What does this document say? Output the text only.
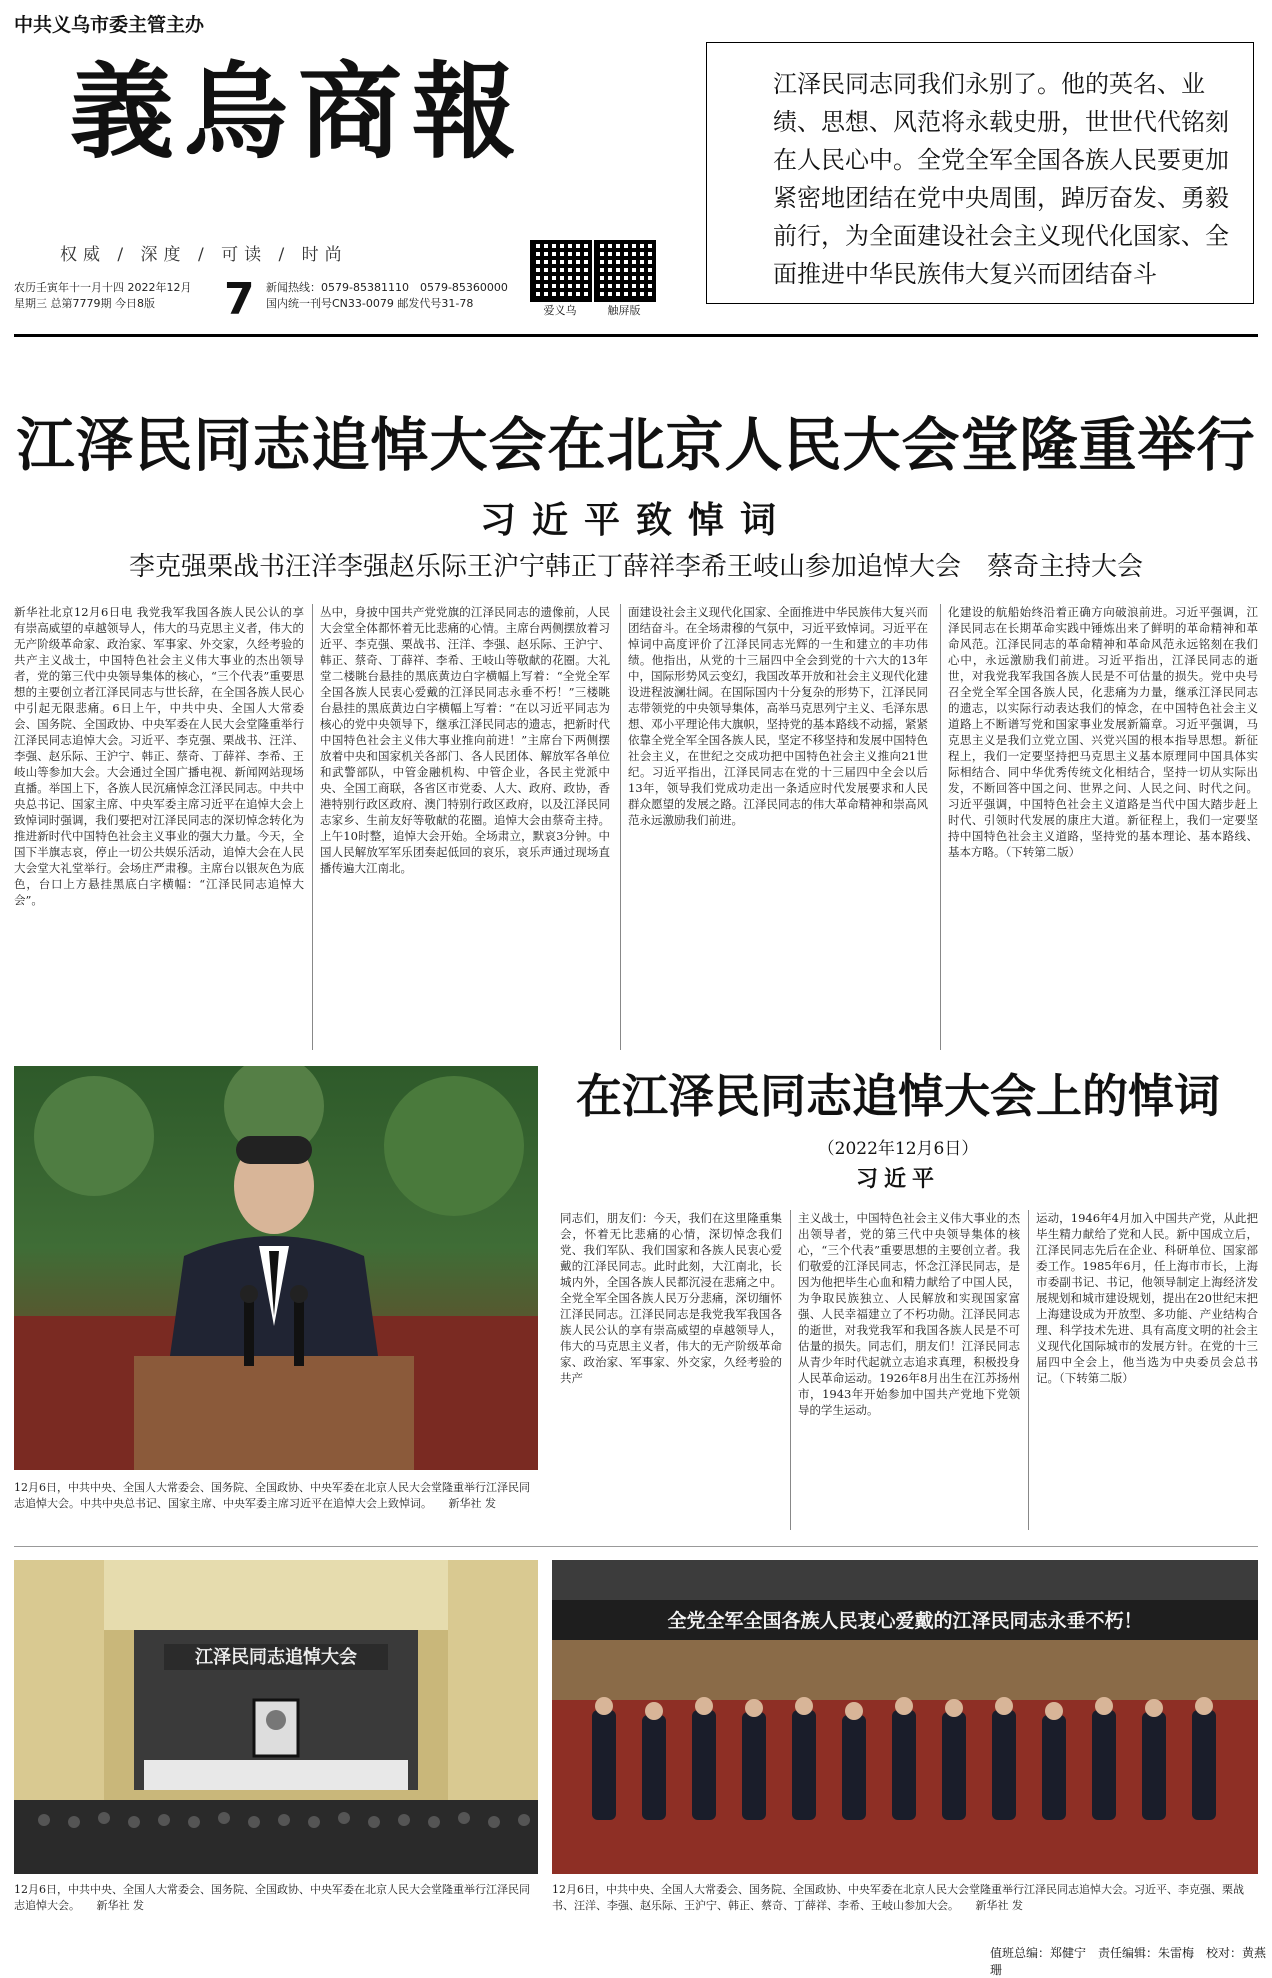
中共义乌市委主管主办
義烏商報
权威 / 深度 / 可读 / 时尚
农历壬寅年十一月十四 2022年12月
星期三 总第7779期 今日8版	7 新闻热线：0579-85381110　0579-85360000
国内统一刊号CN33-0079 邮发代号31-78
爱义乌	触屏版
江泽民同志同我们永别了。他的英名、业绩、思想、风范将永载史册，世世代代铭刻在人民心中。全党全军全国各族人民要更加紧密地团结在党中央周围，踔厉奋发、勇毅前行，为全面建设社会主义现代化国家、全面推进中华民族伟大复兴而团结奋斗
江泽民同志追悼大会在北京人民大会堂隆重举行
习近平致悼词
李克强栗战书汪洋李强赵乐际王沪宁韩正丁薛祥李希王岐山参加追悼大会　蔡奇主持大会
新华社北京12月6日电 我党我军我国各族人民公认的享有崇高威望的卓越领导人，伟大的马克思主义者，伟大的无产阶级革命家、政治家、军事家、外交家，久经考验的共产主义战士，中国特色社会主义伟大事业的杰出领导者，党的第三代中央领导集体的核心，“三个代表”重要思想的主要创立者江泽民同志与世长辞，在全国各族人民心中引起无限悲痛。6日上午，中共中央、全国人大常委会、国务院、全国政协、中央军委在人民大会堂隆重举行江泽民同志追悼大会。习近平、李克强、栗战书、汪洋、李强、赵乐际、王沪宁、韩正、蔡奇、丁薛祥、李希、王岐山等参加大会。大会通过全国广播电视、新闻网站现场直播。举国上下，各族人民沉痛悼念江泽民同志。中共中央总书记、国家主席、中央军委主席习近平在追悼大会上致悼词时强调，我们要把对江泽民同志的深切悼念转化为推进新时代中国特色社会主义事业的强大力量。今天，全国下半旗志哀，停止一切公共娱乐活动，追悼大会在人民大会堂大礼堂举行。会场庄严肃穆。主席台以银灰色为底色，台口上方悬挂黑底白字横幅：“江泽民同志追悼大会”。
丛中，身披中国共产党党旗的江泽民同志的遗像前，人民大会堂全体都怀着无比悲痛的心情。主席台两侧摆放着习近平、李克强、栗战书、汪洋、李强、赵乐际、王沪宁、韩正、蔡奇、丁薛祥、李希、王岐山等敬献的花圈。大礼堂二楼眺台悬挂的黑底黄边白字横幅上写着：“全党全军全国各族人民衷心爱戴的江泽民同志永垂不朽！”三楼眺台悬挂的黑底黄边白字横幅上写着：“在以习近平同志为核心的党中央领导下，继承江泽民同志的遗志，把新时代中国特色社会主义伟大事业推向前进！”主席台下两侧摆放着中央和国家机关各部门、各人民团体、解放军各单位和武警部队，中管金融机构、中管企业，各民主党派中央、全国工商联，各省区市党委、人大、政府、政协，香港特别行政区政府、澳门特别行政区政府，以及江泽民同志家乡、生前友好等敬献的花圈。追悼大会由蔡奇主持。上午10时整，追悼大会开始。全场肃立，默哀3分钟。中国人民解放军军乐团奏起低回的哀乐，哀乐声通过现场直播传遍大江南北。
面建设社会主义现代化国家、全面推进中华民族伟大复兴而团结奋斗。在全场肃穆的气氛中，习近平致悼词。习近平在悼词中高度评价了江泽民同志光辉的一生和建立的丰功伟绩。他指出，从党的十三届四中全会到党的十六大的13年中，国际形势风云变幻，我国改革开放和社会主义现代化建设进程波澜壮阔。在国际国内十分复杂的形势下，江泽民同志带领党的中央领导集体，高举马克思列宁主义、毛泽东思想、邓小平理论伟大旗帜，坚持党的基本路线不动摇，紧紧依靠全党全军全国各族人民，坚定不移坚持和发展中国特色社会主义，在世纪之交成功把中国特色社会主义推向21世纪。习近平指出，江泽民同志在党的十三届四中全会以后13年，领导我们党成功走出一条适应时代发展要求和人民群众愿望的发展之路。江泽民同志的伟大革命精神和崇高风范永远激励我们前进。
化建设的航船始终沿着正确方向破浪前进。习近平强调，江泽民同志在长期革命实践中锤炼出来了鲜明的革命精神和革命风范。江泽民同志的革命精神和革命风范永远铭刻在我们心中，永远激励我们前进。习近平指出，江泽民同志的逝世，对我党我军我国各族人民是不可估量的损失。党中央号召全党全军全国各族人民，化悲痛为力量，继承江泽民同志的遗志，以实际行动表达我们的悼念，在中国特色社会主义道路上不断谱写党和国家事业发展新篇章。习近平强调，马克思主义是我们立党立国、兴党兴国的根本指导思想。新征程上，我们一定要坚持把马克思主义基本原理同中国具体实际相结合、同中华优秀传统文化相结合，坚持一切从实际出发，不断回答中国之问、世界之问、人民之问、时代之问。习近平强调，中国特色社会主义道路是当代中国大踏步赶上时代、引领时代发展的康庄大道。新征程上，我们一定要坚持中国特色社会主义道路，坚持党的基本理论、基本路线、基本方略。（下转第二版）
12月6日，中共中央、全国人大常委会、国务院、全国政协、中央军委在北京人民大会堂隆重举行江泽民同志追悼大会。中共中央总书记、国家主席、中央军委主席习近平在追悼大会上致悼词。　　新华社 发
在江泽民同志追悼大会上的悼词
（2022年12月6日）
习近平
同志们，朋友们：今天，我们在这里隆重集会，怀着无比悲痛的心情，深切悼念我们党、我们军队、我们国家和各族人民衷心爱戴的江泽民同志。此时此刻，大江南北，长城内外，全国各族人民都沉浸在悲痛之中。全党全军全国各族人民万分悲痛，深切缅怀江泽民同志。江泽民同志是我党我军我国各族人民公认的享有崇高威望的卓越领导人，伟大的马克思主义者，伟大的无产阶级革命家、政治家、军事家、外交家，久经考验的共产
主义战士，中国特色社会主义伟大事业的杰出领导者，党的第三代中央领导集体的核心，“三个代表”重要思想的主要创立者。我们敬爱的江泽民同志，怀念江泽民同志，是因为他把毕生心血和精力献给了中国人民，为争取民族独立、人民解放和实现国家富强、人民幸福建立了不朽功勋。江泽民同志的逝世，对我党我军和我国各族人民是不可估量的损失。同志们，朋友们！江泽民同志从青少年时代起就立志追求真理，积极投身人民革命运动。1926年8月出生在江苏扬州市，1943年开始参加中国共产党地下党领导的学生运动。
运动，1946年4月加入中国共产党，从此把毕生精力献给了党和人民。新中国成立后，江泽民同志先后在企业、科研单位、国家部委工作。1985年6月，任上海市市长，上海市委副书记、书记，他领导制定上海经济发展规划和城市建设规划，提出在20世纪末把上海建设成为开放型、多功能、产业结构合理、科学技术先进、具有高度文明的社会主义现代化国际城市的发展方针。在党的十三届四中全会上，他当选为中央委员会总书记。（下转第二版）
江泽民同志追悼大会
12月6日，中共中央、全国人大常委会、国务院、全国政协、中央军委在北京人民大会堂隆重举行江泽民同志追悼大会。　　新华社 发
全党全军全国各族人民衷心爱戴的江泽民同志永垂不朽！
12月6日，中共中央、全国人大常委会、国务院、全国政协、中央军委在北京人民大会堂隆重举行江泽民同志追悼大会。习近平、李克强、栗战书、汪洋、李强、赵乐际、王沪宁、韩正、蔡奇、丁薛祥、李希、王岐山参加大会。　　新华社 发
值班总编：郑健宁　责任编辑：朱雷梅　校对：黄燕珊
